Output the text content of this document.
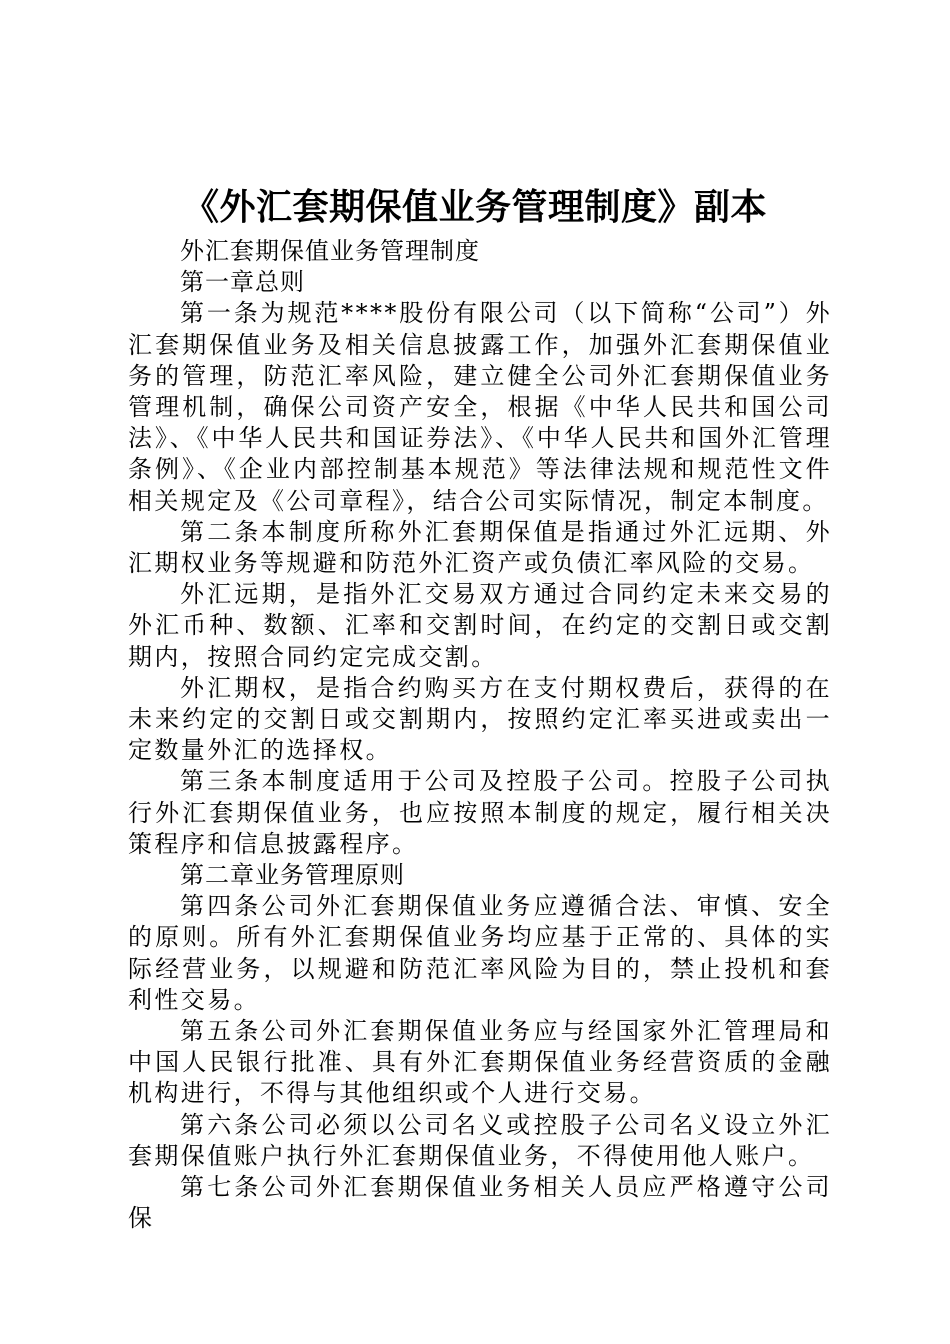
《外汇套期保值业务管理制度》副本

外汇套期保值业务管理制度

第一章总则

第一条为规范****股份有限公司（以下简称“公司”）外汇套期保值业务及相关信息披露工作，加强外汇套期保值业务的管理，防范汇率风险，建立健全公司外汇套期保值业务管理机制，确保公司资产安全，根据《中华人民共和国公司法》、《中华人民共和国证券法》、《中华人民共和国外汇管理条例》、《企业内部控制基本规范》等法律法规和规范性文件相关规定及《公司章程》，结合公司实际情况，制定本制度。

第二条本制度所称外汇套期保值是指通过外汇远期、外汇期权业务等规避和防范外汇资产或负债汇率风险的交易。

外汇远期，是指外汇交易双方通过合同约定未来交易的外汇币种、数额、汇率和交割时间，在约定的交割日或交割期内，按照合同约定完成交割。

外汇期权，是指合约购买方在支付期权费后，获得的在未来约定的交割日或交割期内，按照约定汇率买进或卖出一定数量外汇的选择权。

第三条本制度适用于公司及控股子公司。控股子公司执行外汇套期保值业务，也应按照本制度的规定，履行相关决策程序和信息披露程序。

第二章业务管理原则

第四条公司外汇套期保值业务应遵循合法、审慎、安全的原则。所有外汇套期保值业务均应基于正常的、具体的实际经营业务，以规避和防范汇率风险为目的，禁止投机和套利性交易。

第五条公司外汇套期保值业务应与经国家外汇管理局和中国人民银行批准、具有外汇套期保值业务经营资质的金融机构进行，不得与其他组织或个人进行交易。

第六条公司必须以公司名义或控股子公司名义设立外汇套期保值账户执行外汇套期保值业务，不得使用他人账户。

第七条公司外汇套期保值业务相关人员应严格遵守公司保
